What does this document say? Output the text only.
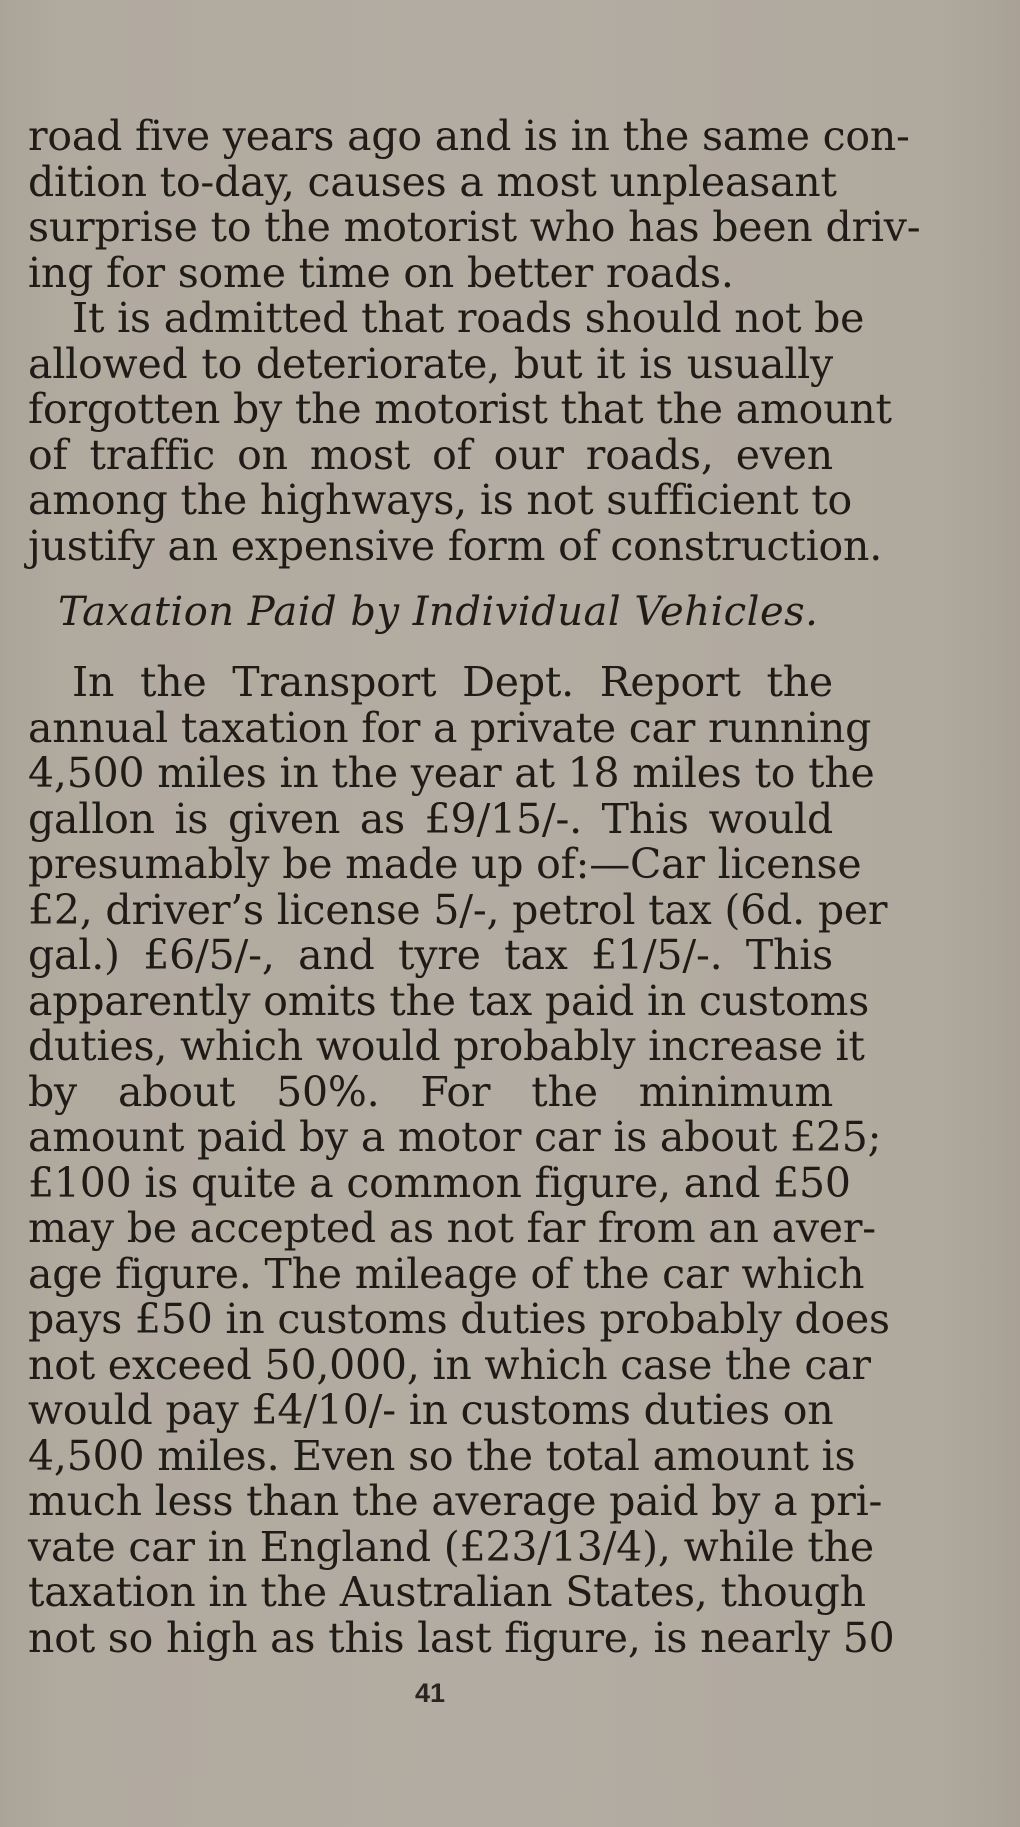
road five years ago and is in the same con-
dition to-day, causes a most unpleasant
surprise to the motorist who has been driv-
ing for some time on better roads.
It is admitted that roads should not be
allowed to deteriorate, but it is usually
forgotten by the motorist that the amount
of traffic on most of our roads, even
among the highways, is not sufficient to
justify an expensive form of construction.
Taxation Paid by Individual Vehicles.
In the Transport Dept. Report the
annual taxation for a private car running
4,500 miles in the year at 18 miles to the
gallon is given as £9/15/-. This would
presumably be made up of:—Car license
£2, driver’s license 5/-, petrol tax (6d. per
gal.) £6/5/-, and tyre tax £1/5/-. This
apparently omits the tax paid in customs
duties, which would probably increase it
by about 50%. For the minimum
amount paid by a motor car is about £25;
£100 is quite a common figure, and £50
may be accepted as not far from an aver-
age figure. The mileage of the car which
pays £50 in customs duties probably does
not exceed 50,000, in which case the car
would pay £4/10/- in customs duties on
4,500 miles. Even so the total amount is
much less than the average paid by a pri-
vate car in England (£23/13/4), while the
taxation in the Australian States, though
not so high as this last figure, is nearly 50
41
